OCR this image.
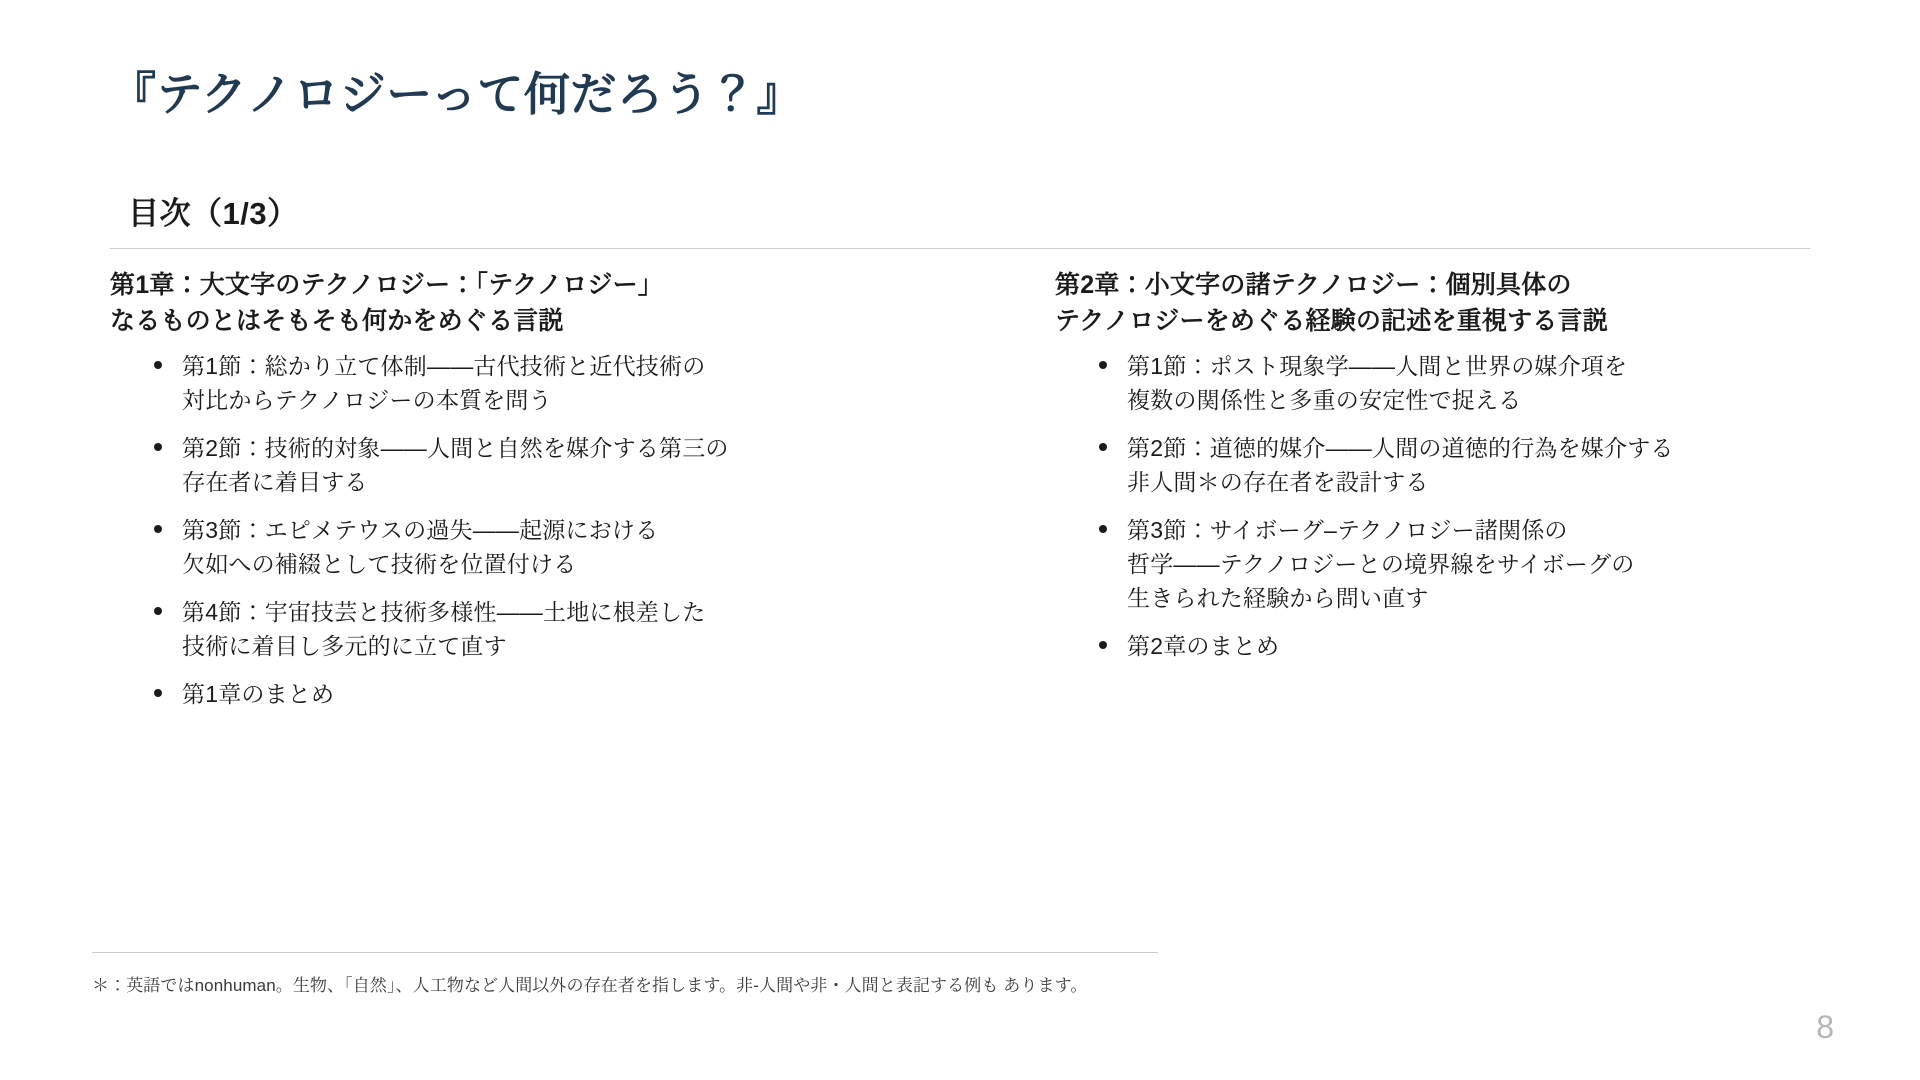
『テクノロジーって何だろう？』
目次（1/3）
第1章：大文字のテクノロジー：「テクノロジー」
なるものとはそもそも何かをめぐる言説
第1節：総かり立て体制——古代技術と近代技術の
対比からテクノロジーの本質を問う
第2節：技術的対象——人間と自然を媒介する第三の
存在者に着目する
第3節：エピメテウスの過失——起源における
欠如への補綴として技術を位置付ける
第4節：宇宙技芸と技術多様性——土地に根差した
技術に着目し多元的に立て直す
第1章のまとめ
第2章：小文字の諸テクノロジー：個別具体の
テクノロジーをめぐる経験の記述を重視する言説
第1節：ポスト現象学——人間と世界の媒介項を
複数の関係性と多重の安定性で捉える
第2節：道徳的媒介——人間の道徳的行為を媒介する
非人間＊の存在者を設計する
第3節：サイボーグ–テクノロジー諸関係の
哲学——テクノロジーとの境界線をサイボーグの
生きられた経験から問い直す
第2章のまとめ
＊：英語ではnonhuman。生物、「自然」、人工物など人間以外の存在者を指します。非‐人間や非・人間と表記する例も あります。
8
